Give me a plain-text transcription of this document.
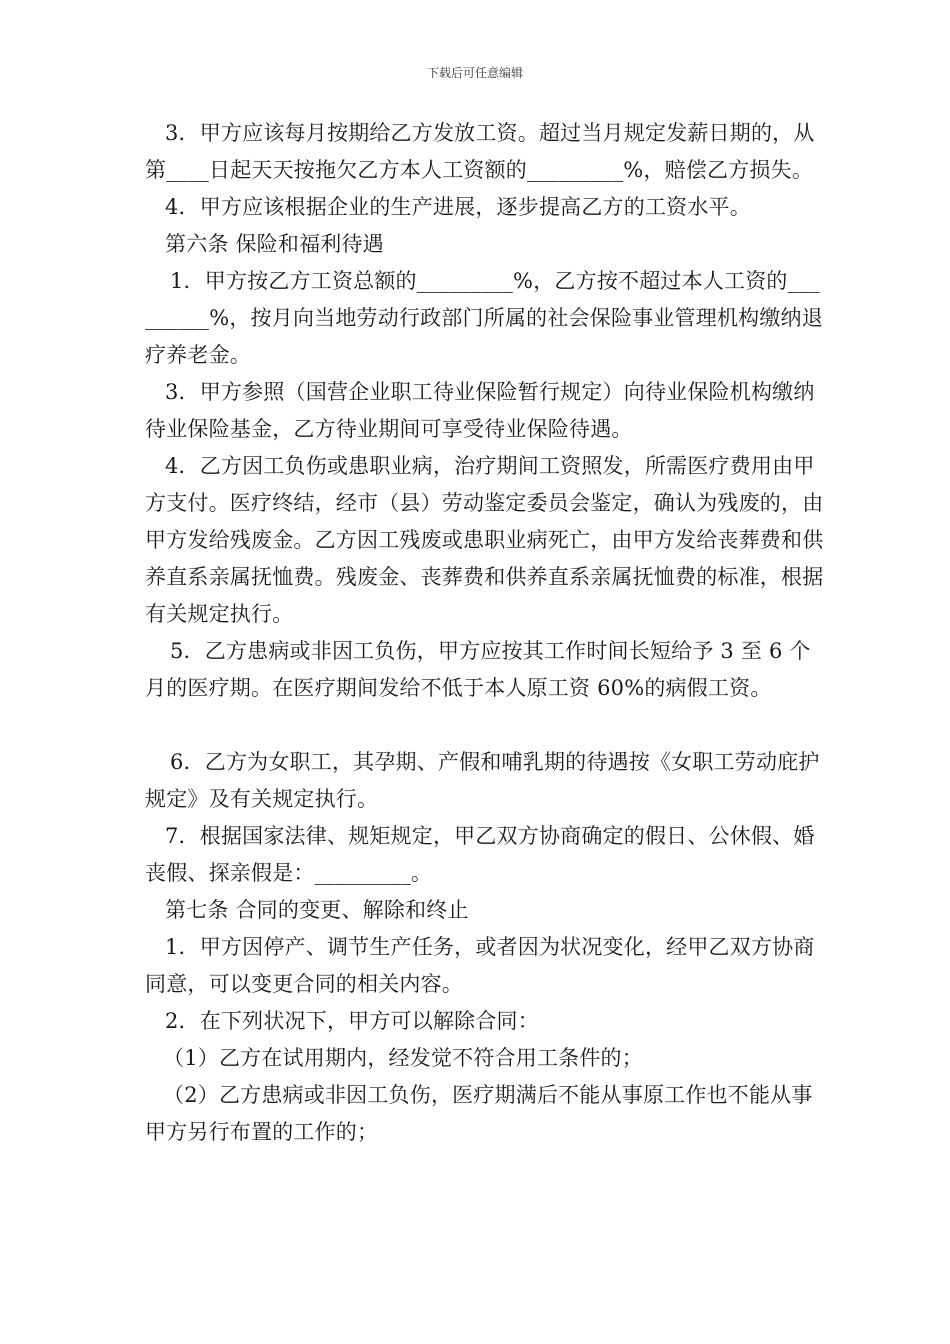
下载后可任意编辑

3．甲方应该每月按期给乙方发放工资。超过当月规定发薪日期的，从第____日起天天按拖欠乙方本人工资额的_________%，赔偿乙方损失。

4．甲方应该根据企业的生产进展，逐步提高乙方的工资水平。

第六条 保险和福利待遇

1．甲方按乙方工资总额的_________%，乙方按不超过本人工资的_________%，按月向当地劳动行政部门所属的社会保险事业管理机构缴纳退疗养老金。

3．甲方参照（国营企业职工待业保险暂行规定）向待业保险机构缴纳待业保险基金，乙方待业期间可享受待业保险待遇。

4．乙方因工负伤或患职业病，治疗期间工资照发，所需医疗费用由甲方支付。医疗终结，经市（县）劳动鉴定委员会鉴定，确认为残废的，由甲方发给残废金。乙方因工残废或患职业病死亡，由甲方发给丧葬费和供养直系亲属抚恤费。残废金、丧葬费和供养直系亲属抚恤费的标准，根据有关规定执行。

5．乙方患病或非因工负伤，甲方应按其工作时间长短给予 3 至 6 个月的医疗期。在医疗期间发给不低于本人原工资 60%的病假工资。

6．乙方为女职工，其孕期、产假和哺乳期的待遇按《女职工劳动庇护规定》及有关规定执行。

7．根据国家法律、规矩规定，甲乙双方协商确定的假日、公休假、婚丧假、探亲假是：_________。

第七条 合同的变更、解除和终止

1．甲方因停产、调节生产任务，或者因为状况变化，经甲乙双方协商同意，可以变更合同的相关内容。

2．在下列状况下，甲方可以解除合同：

（1）乙方在试用期内，经发觉不符合用工条件的；

（2）乙方患病或非因工负伤，医疗期满后不能从事原工作也不能从事甲方另行布置的工作的；
